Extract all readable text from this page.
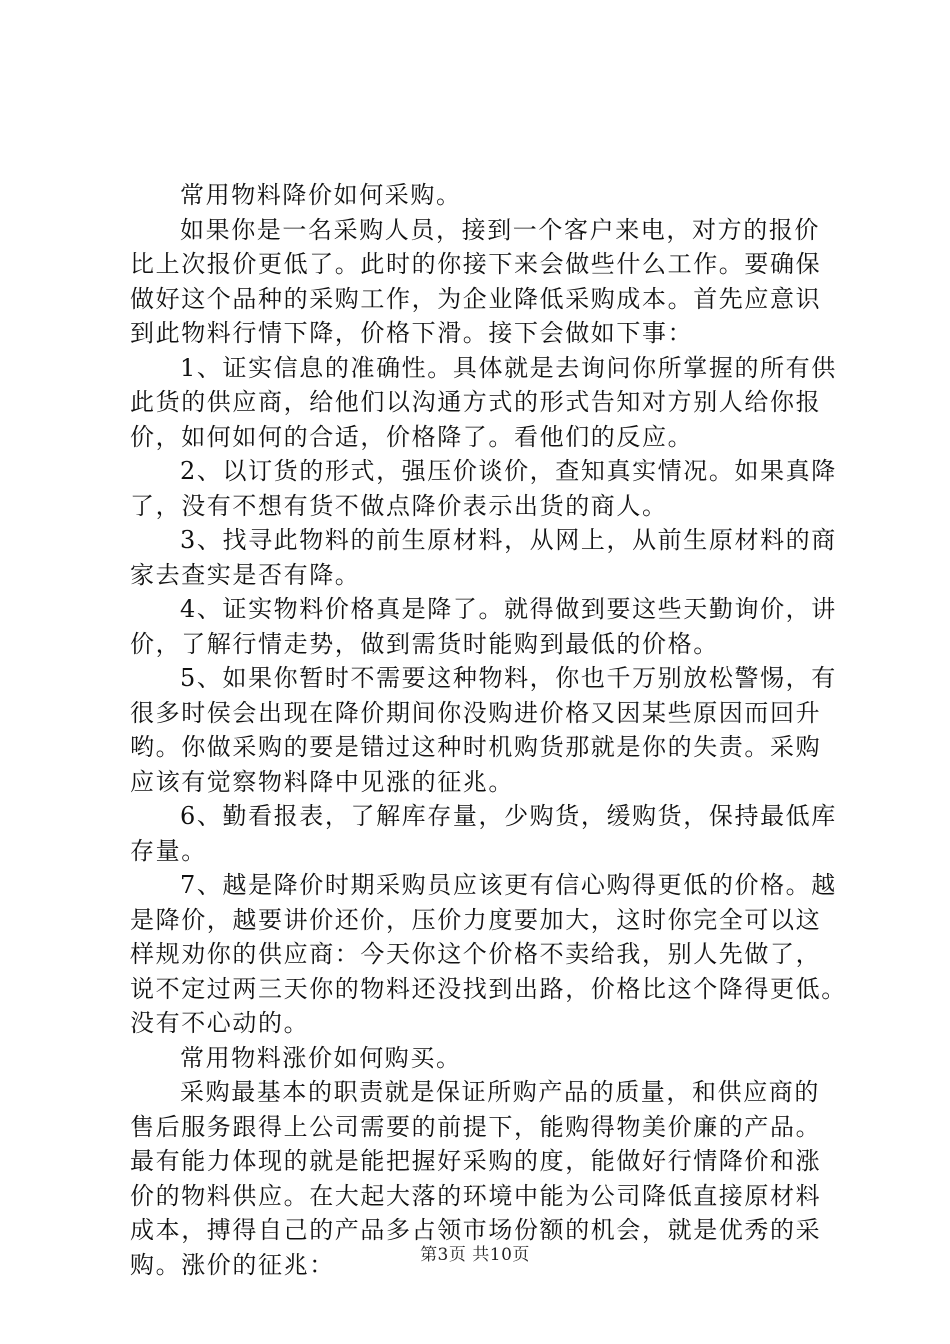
常用物料降价如何采购。
如果你是一名采购人员，接到一个客户来电，对方的报价
比上次报价更低了。此时的你接下来会做些什么工作。要确保
做好这个品种的采购工作，为企业降低采购成本。首先应意识
到此物料行情下降，价格下滑。接下会做如下事：
1、证实信息的准确性。具体就是去询问你所掌握的所有供
此货的供应商，给他们以沟通方式的形式告知对方别人给你报
价，如何如何的合适，价格降了。看他们的反应。
2、以订货的形式，强压价谈价，查知真实情况。如果真降
了，没有不想有货不做点降价表示出货的商人。
3、找寻此物料的前生原材料，从网上，从前生原材料的商
家去查实是否有降。
4、证实物料价格真是降了。就得做到要这些天勤询价，讲
价，了解行情走势，做到需货时能购到最低的价格。
5、如果你暂时不需要这种物料，你也千万别放松警惕，有
很多时侯会出现在降价期间你没购进价格又因某些原因而回升
哟。你做采购的要是错过这种时机购货那就是你的失责。采购
应该有觉察物料降中见涨的征兆。
6、勤看报表，了解库存量，少购货，缓购货，保持最低库
存量。
7、越是降价时期采购员应该更有信心购得更低的价格。越
是降价，越要讲价还价，压价力度要加大，这时你完全可以这
样规劝你的供应商：今天你这个价格不卖给我，别人先做了，
说不定过两三天你的物料还没找到出路，价格比这个降得更低。
没有不心动的。
常用物料涨价如何购买。
采购最基本的职责就是保证所购产品的质量，和供应商的
售后服务跟得上公司需要的前提下，能购得物美价廉的产品。
最有能力体现的就是能把握好采购的度，能做好行情降价和涨
价的物料供应。在大起大落的环境中能为公司降低直接原材料
成本，搏得自己的产品多占领市场份额的机会，就是优秀的采
购。涨价的征兆：	第3页 共10页
